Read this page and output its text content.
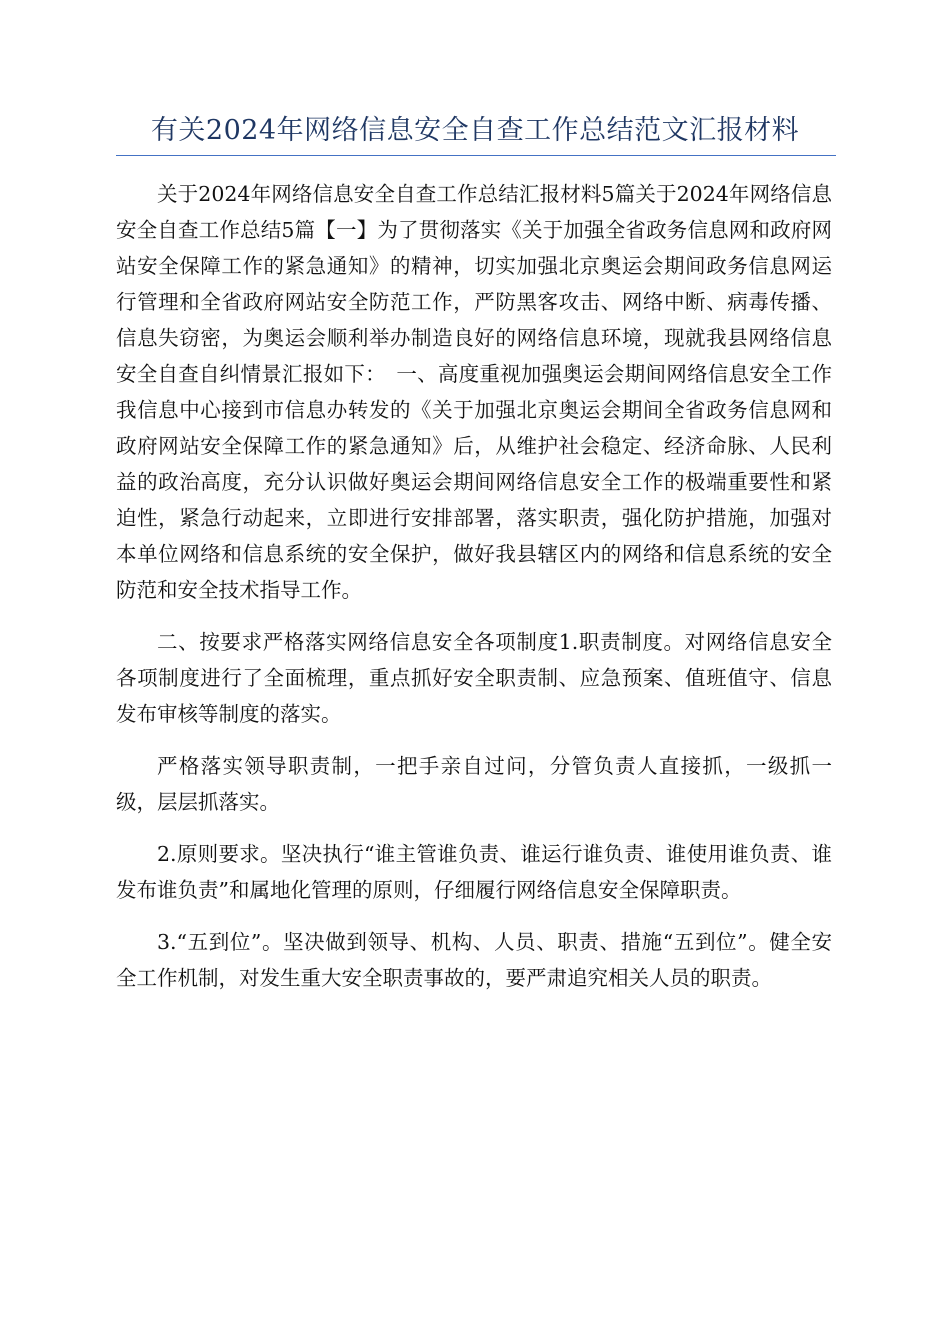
有关2024年网络信息安全自查工作总结范文汇报材料

关于2024年网络信息安全自查工作总结汇报材料5篇关于2024年网络信息安全自查工作总结5篇【一】为了贯彻落实《关于加强全省政务信息网和政府网站安全保障工作的紧急通知》的精神，切实加强北京奥运会期间政务信息网运行管理和全省政府网站安全防范工作，严防黑客攻击、网络中断、病毒传播、信息失窃密，为奥运会顺利举办制造良好的网络信息环境，现就我县网络信息安全自查自纠情景汇报如下：　一、高度重视加强奥运会期间网络信息安全工作我信息中心接到市信息办转发的《关于加强北京奥运会期间全省政务信息网和政府网站安全保障工作的紧急通知》后，从维护社会稳定、经济命脉、人民利益的政治高度，充分认识做好奥运会期间网络信息安全工作的极端重要性和紧迫性，紧急行动起来，立即进行安排部署，落实职责，强化防护措施，加强对本单位网络和信息系统的安全保护，做好我县辖区内的网络和信息系统的安全防范和安全技术指导工作。

二、按要求严格落实网络信息安全各项制度1.职责制度。对网络信息安全各项制度进行了全面梳理，重点抓好安全职责制、应急预案、值班值守、信息发布审核等制度的落实。

严格落实领导职责制，一把手亲自过问，分管负责人直接抓，一级抓一级，层层抓落实。

2.原则要求。坚决执行“谁主管谁负责、谁运行谁负责、谁使用谁负责、谁发布谁负责”和属地化管理的原则，仔细履行网络信息安全保障职责。

3.“五到位”。坚决做到领导、机构、人员、职责、措施“五到位”。健全安全工作机制，对发生重大安全职责事故的，要严肃追究相关人员的职责。
